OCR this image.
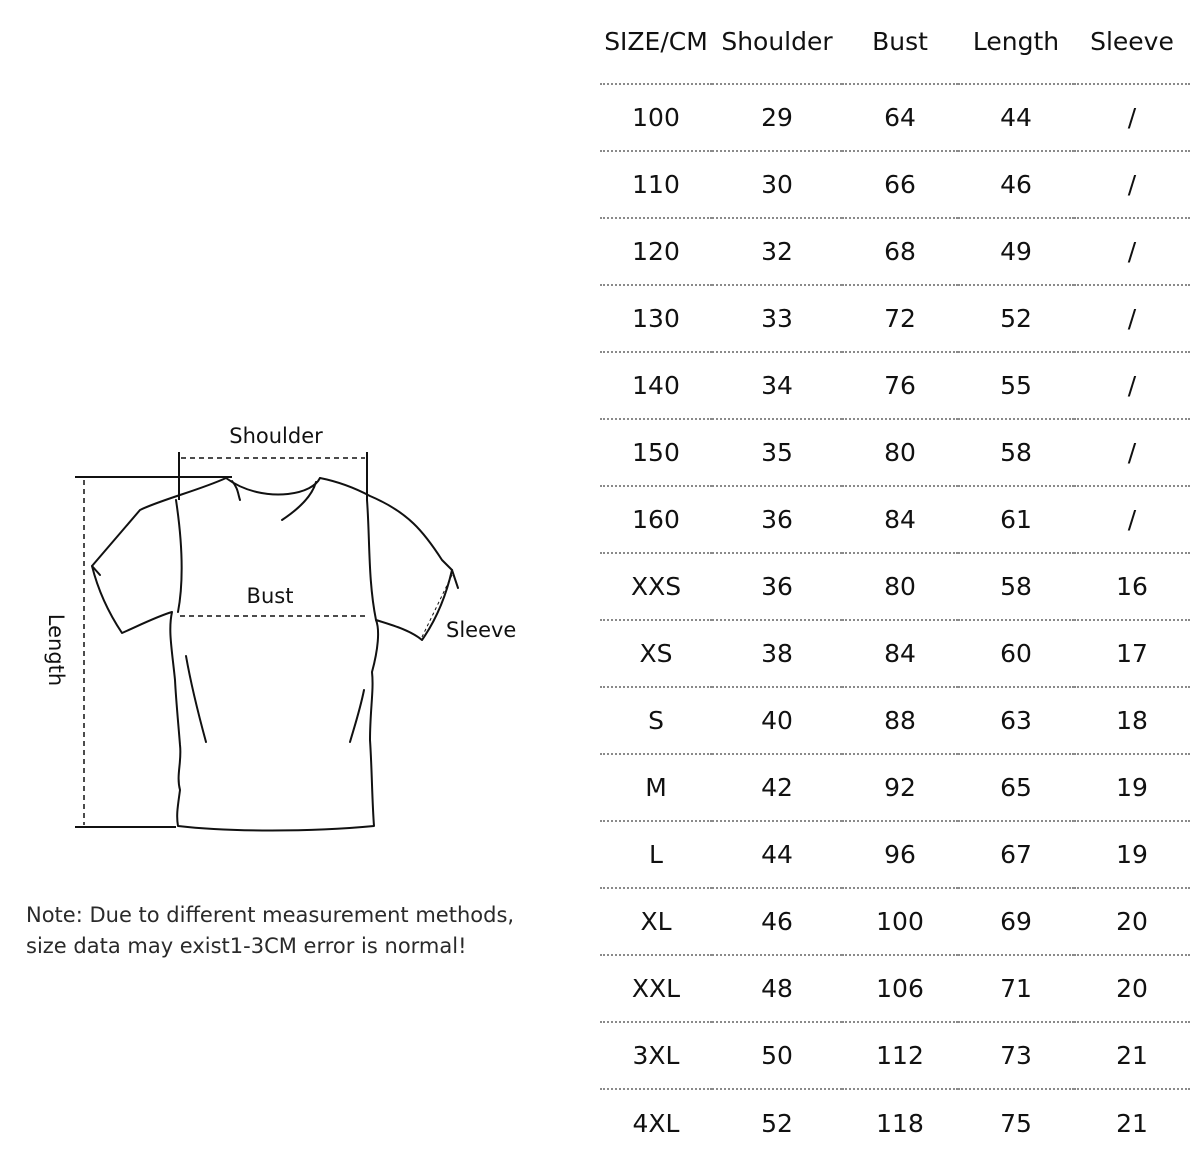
Shoulder
Length
Bust
Sleeve
Note: Due to different measurement methods,
size data may exist1-3CM error is normal!
SIZE/CM	Shoulder	Bust	Length	Sleeve
100	29	64	44	/
110	30	66	46	/
120	32	68	49	/
130	33	72	52	/
140	34	76	55	/
150	35	80	58	/
160	36	84	61	/
XXS	36	80	58	16
XS	38	84	60	17
S	40	88	63	18
M	42	92	65	19
L	44	96	67	19
XL	46	100	69	20
XXL	48	106	71	20
3XL	50	112	73	21
4XL	52	118	75	21
